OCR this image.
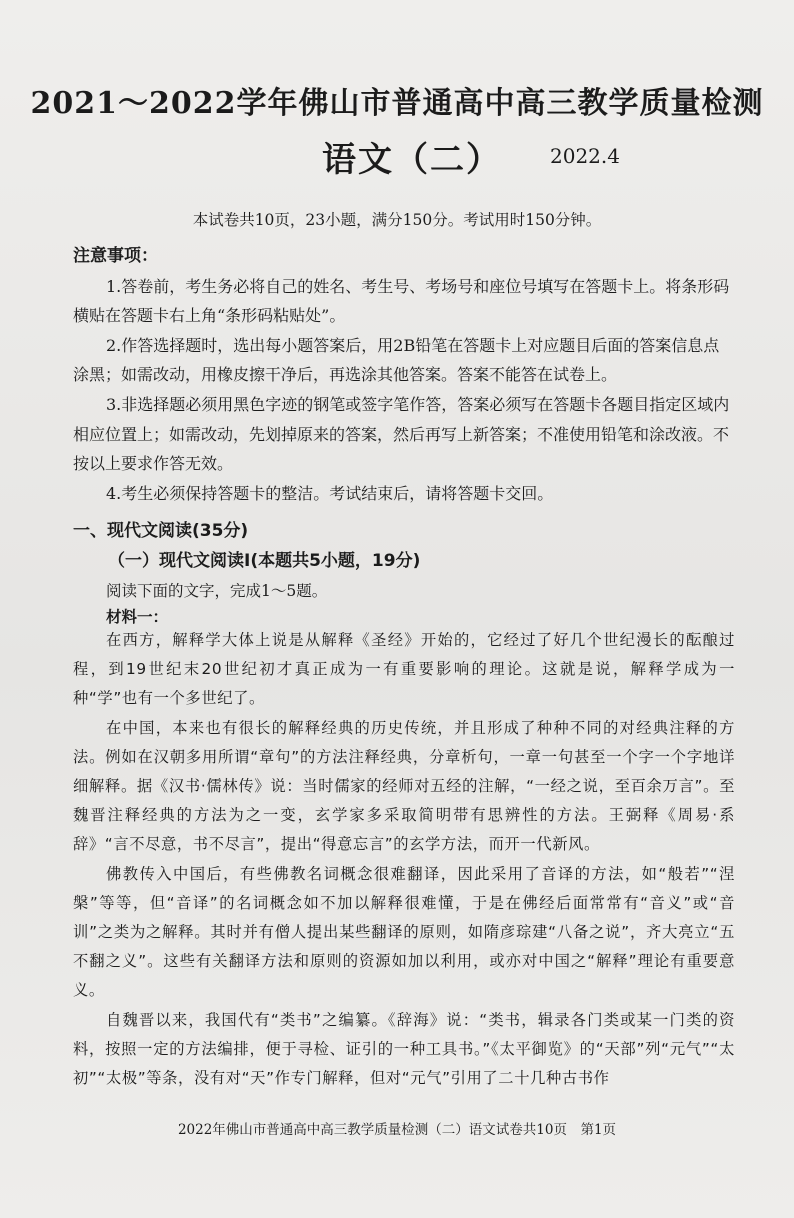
2021～2022学年佛山市普通高中高三教学质量检测
语文（二） 2022.4
本试卷共10页，23小题，满分150分。考试用时150分钟。
注意事项：

1.答卷前，考生务必将自己的姓名、考生号、考场号和座位号填写在答题卡上。将条形码横贴在答题卡右上角“条形码粘贴处”。

2.作答选择题时，选出每小题答案后，用2B铅笔在答题卡上对应题目后面的答案信息点涂黑；如需改动，用橡皮擦干净后，再选涂其他答案。答案不能答在试卷上。

3.非选择题必须用黑色字迹的钢笔或签字笔作答，答案必须写在答题卡各题目指定区域内相应位置上；如需改动，先划掉原来的答案，然后再写上新答案；不准使用铅笔和涂改液。不按以上要求作答无效。

4.考生必须保持答题卡的整洁。考试结束后，请将答题卡交回。

一、现代文阅读(35分)
（一）现代文阅读Ⅰ(本题共5小题，19分)
阅读下面的文字，完成1～5题。
材料一：

在西方，解释学大体上说是从解释《圣经》开始的，它经过了好几个世纪漫长的酝酿过程，到19世纪末20世纪初才真正成为一有重要影响的理论。这就是说，解释学成为一种“学”也有一个多世纪了。

在中国，本来也有很长的解释经典的历史传统，并且形成了种种不同的对经典注释的方法。例如在汉朝多用所谓“章句”的方法注释经典，分章析句，一章一句甚至一个字一个字地详细解释。据《汉书·儒林传》说：当时儒家的经师对五经的注解，“一经之说，至百余万言”。至魏晋注释经典的方法为之一变，玄学家多采取简明带有思辨性的方法。王弼释《周易·系辞》“言不尽意，书不尽言”，提出“得意忘言”的玄学方法，而开一代新风。

佛教传入中国后，有些佛教名词概念很难翻译，因此采用了音译的方法，如“般若”“涅槃”等等，但“音译”的名词概念如不加以解释很难懂，于是在佛经后面常常有“音义”或“音训”之类为之解释。其时并有僧人提出某些翻译的原则，如隋彦琮建“八备之说”，齐大亮立“五不翻之义”。这些有关翻译方法和原则的资源如加以利用，或亦对中国之“解释”理论有重要意义。

自魏晋以来，我国代有“类书”之编纂。《辞海》说：“类书，辑录各门类或某一门类的资料，按照一定的方法编排，便于寻检、证引的一种工具书。”《太平御览》的“天部”列“元气”“太初”“太极”等条，没有对“天”作专门解释，但对“元气”引用了二十几种古书作

2022年佛山市普通高中高三教学质量检测（二）语文试卷共10页　第1页
